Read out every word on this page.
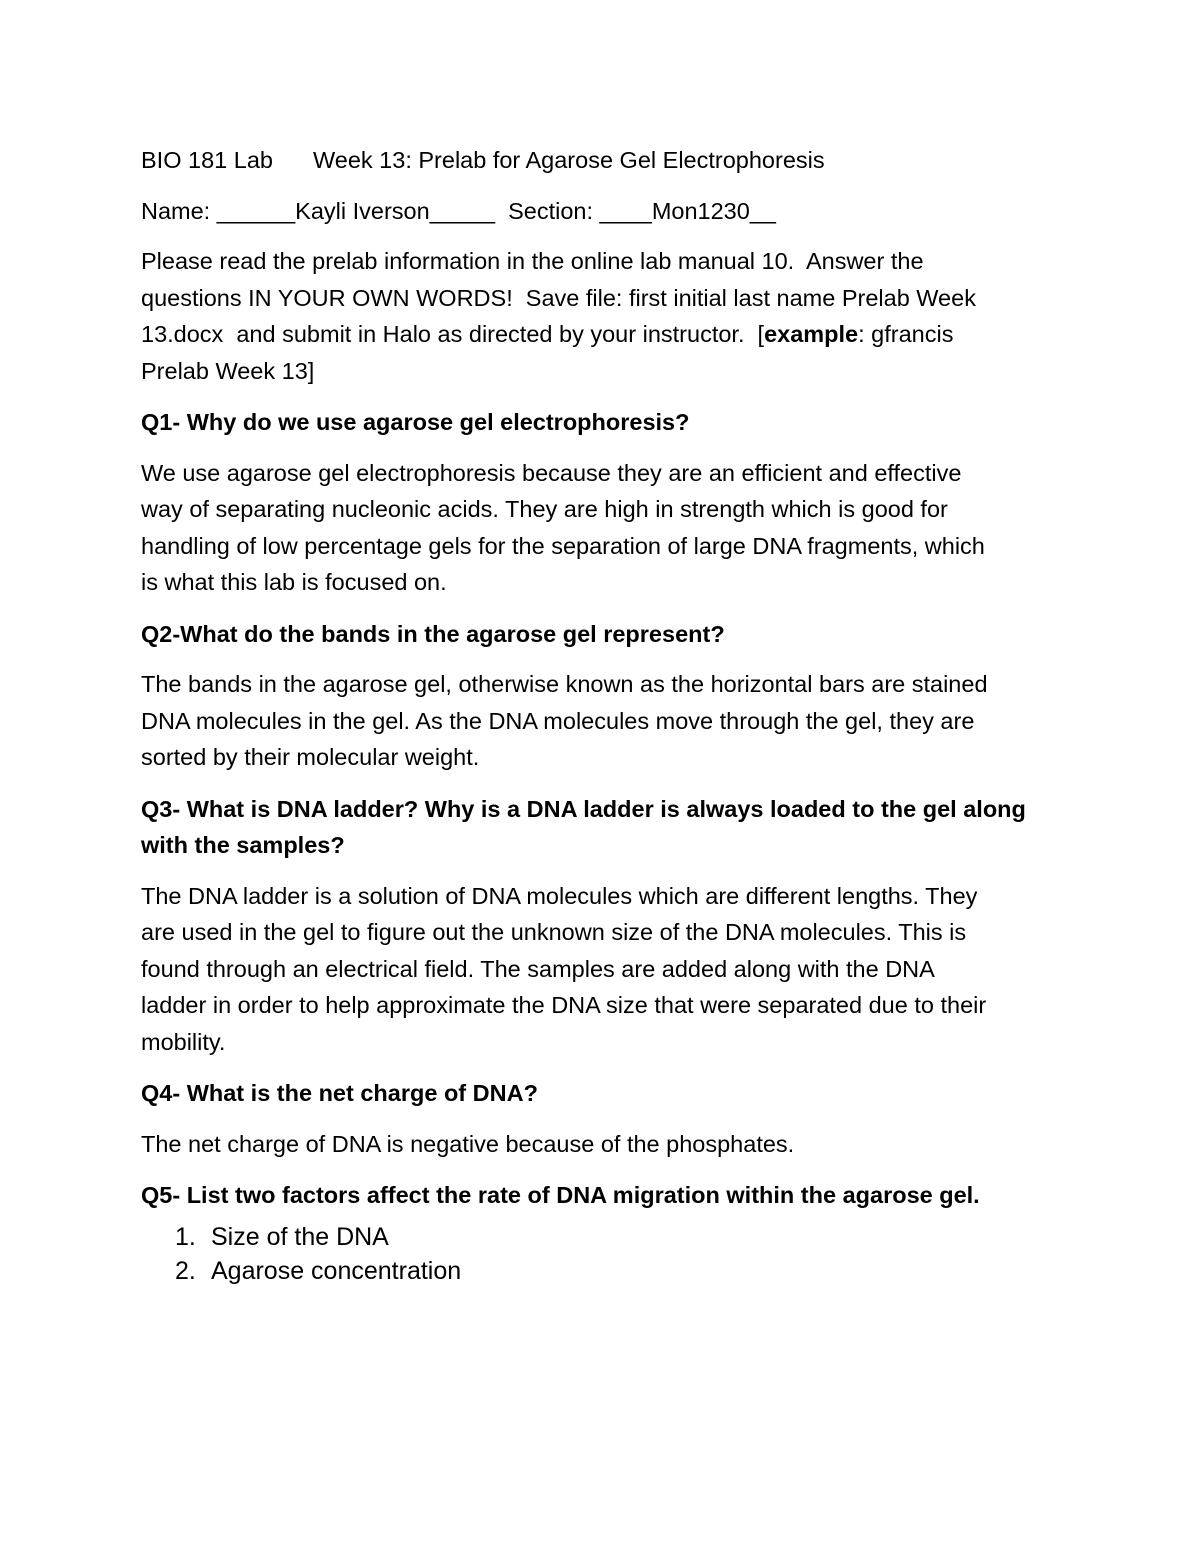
BIO 181 Lab Week 13: Prelab for Agarose Gel Electrophoresis

Name: ______Kayli Iverson_____  Section: ____Mon1230__

Please read the prelab information in the online lab manual 10.  Answer the

questions IN YOUR OWN WORDS!  Save file: first initial last name Prelab Week

13.docx  and submit in Halo as directed by your instructor.  [example: gfrancis

Prelab Week 13]

Q1- Why do we use agarose gel electrophoresis?

We use agarose gel electrophoresis because they are an efficient and effective

way of separating nucleonic acids. They are high in strength which is good for

handling of low percentage gels for the separation of large DNA fragments, which

is what this lab is focused on.

Q2-What do the bands in the agarose gel represent?

The bands in the agarose gel, otherwise known as the horizontal bars are stained

DNA molecules in the gel. As the DNA molecules move through the gel, they are

sorted by their molecular weight.

Q3- What is DNA ladder? Why is a DNA ladder is always loaded to the gel along

with the samples?

The DNA ladder is a solution of DNA molecules which are different lengths. They

are used in the gel to figure out the unknown size of the DNA molecules. This is

found through an electrical field. The samples are added along with the DNA

ladder in order to help approximate the DNA size that were separated due to their

mobility.

Q4- What is the net charge of DNA?

The net charge of DNA is negative because of the phosphates.

Q5- List two factors affect the rate of DNA migration within the agarose gel.

1. Size of the DNA
2. Agarose concentration
